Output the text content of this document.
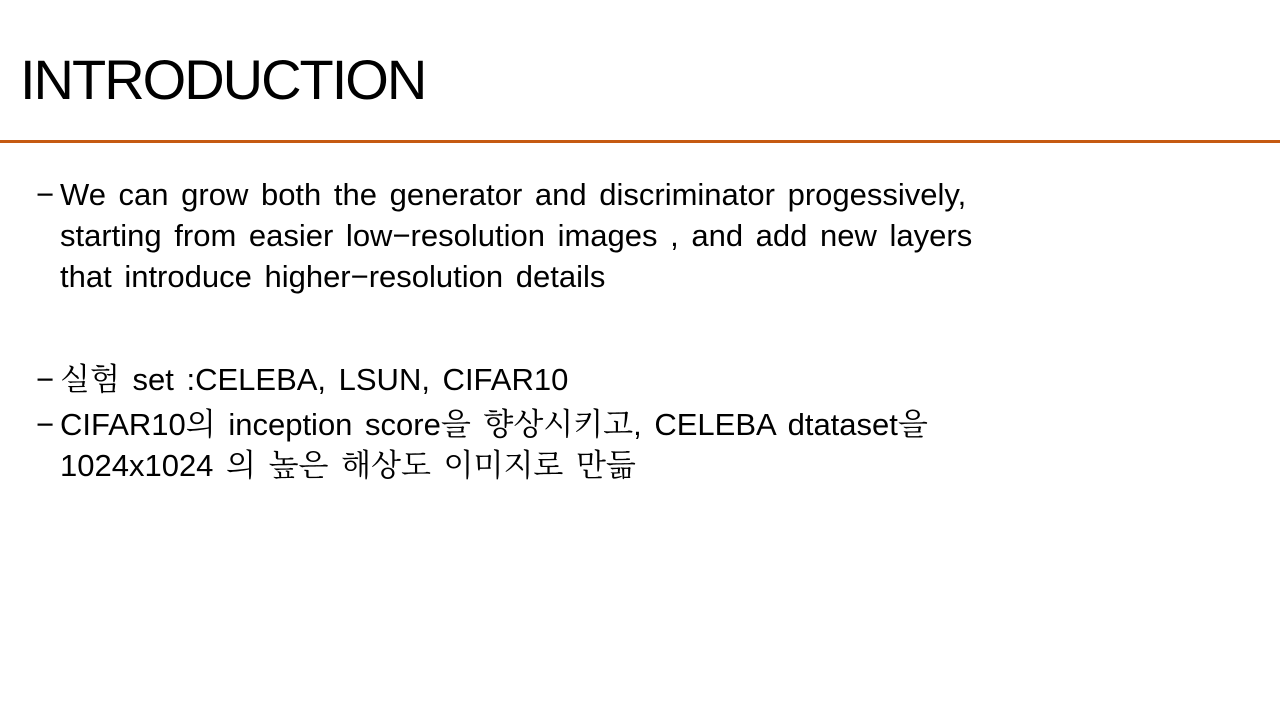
INTRODUCTION
− We can grow both the generator and discriminator progessively,
starting from easier low−resolution images , and add new layers
that introduce higher−resolution details
− 실험 set :CELEBA, LSUN, CIFAR10
− CIFAR10의 inception score을 향상시키고, CELEBA dtataset을
1024x1024 의 높은 해상도 이미지로 만듦
